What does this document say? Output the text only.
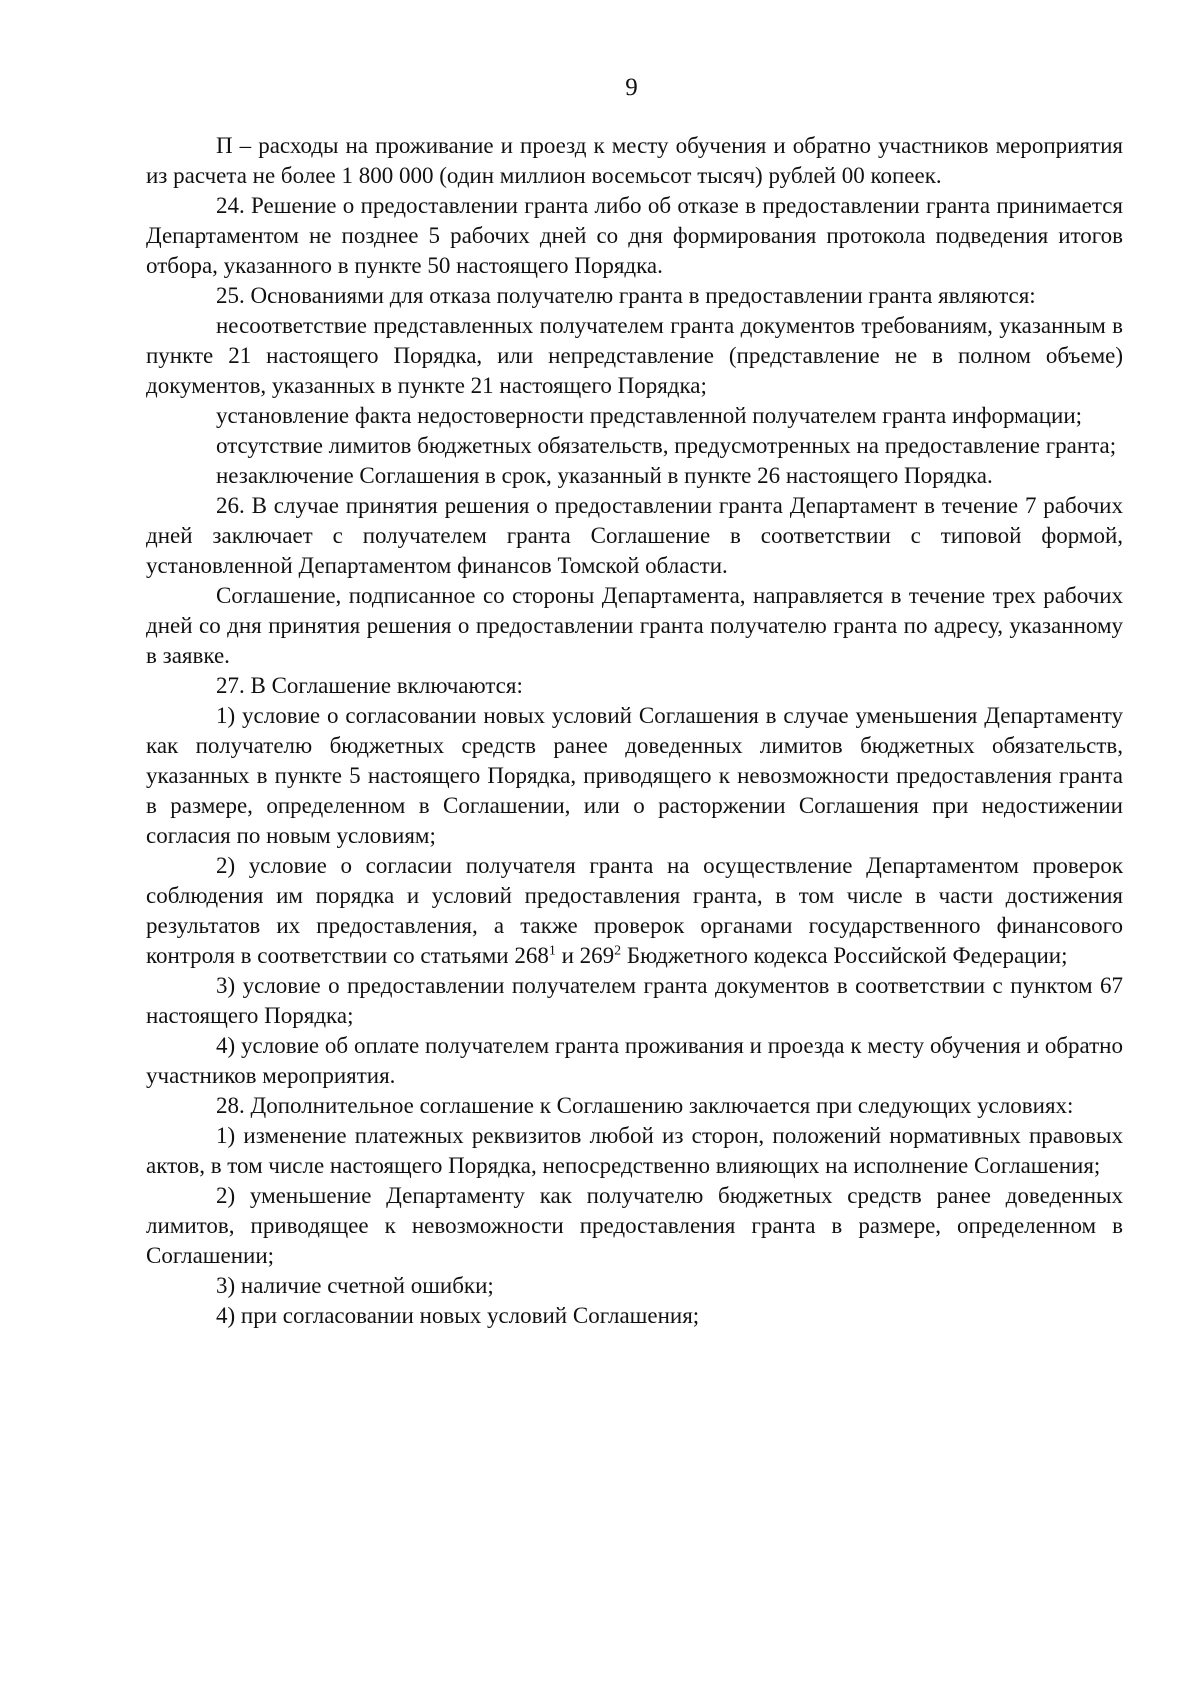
9

П – расходы на проживание и проезд к месту обучения и обратно участников мероприятия из расчета не более 1 800 000 (один миллион восемьсот тысяч) рублей 00 копеек.

24. Решение о предоставлении гранта либо об отказе в предоставлении гранта принимается Департаментом не позднее 5 рабочих дней со дня формирования протокола подведения итогов отбора, указанного в пункте 50 настоящего Порядка.

25. Основаниями для отказа получателю гранта в предоставлении гранта являются:

несоответствие представленных получателем гранта документов требованиям, указанным в пункте 21 настоящего Порядка, или непредставление (представление не в полном объеме) документов, указанных в пункте 21 настоящего Порядка;

установление факта недостоверности представленной получателем гранта информации;

отсутствие лимитов бюджетных обязательств, предусмотренных на предоставление гранта;

незаключение Соглашения в срок, указанный в пункте 26 настоящего Порядка.

26. В случае принятия решения о предоставлении гранта Департамент в течение 7 рабочих дней заключает с получателем гранта Соглашение в соответствии с типовой формой, установленной Департаментом финансов Томской области.

Соглашение, подписанное со стороны Департамента, направляется в течение трех рабочих дней со дня принятия решения о предоставлении гранта получателю гранта по адресу, указанному в заявке.

27. В Соглашение включаются:

1) условие о согласовании новых условий Соглашения в случае уменьшения Департаменту как получателю бюджетных средств ранее доведенных лимитов бюджетных обязательств, указанных в пункте 5 настоящего Порядка, приводящего к невозможности предоставления гранта в размере, определенном в Соглашении, или о расторжении Соглашения при недостижении согласия по новым условиям;

2) условие о согласии получателя гранта на осуществление Департаментом проверок соблюдения им порядка и условий предоставления гранта, в том числе в части достижения результатов их предоставления, а также проверок органами государственного финансового контроля в соответствии со статьями $268^1$ и $269^2$ Бюджетного кодекса Российской Федерации;

3) условие о предоставлении получателем гранта документов в соответствии с пунктом 67 настоящего Порядка;

4) условие об оплате получателем гранта проживания и проезда к месту обучения и обратно участников мероприятия.

28. Дополнительное соглашение к Соглашению заключается при следующих условиях:

1) изменение платежных реквизитов любой из сторон, положений нормативных правовых актов, в том числе настоящего Порядка, непосредственно влияющих на исполнение Соглашения;

2) уменьшение Департаменту как получателю бюджетных средств ранее доведенных лимитов, приводящее к невозможности предоставления гранта в размере, определенном в Соглашении;

3) наличие счетной ошибки;

4) при согласовании новых условий Соглашения;
